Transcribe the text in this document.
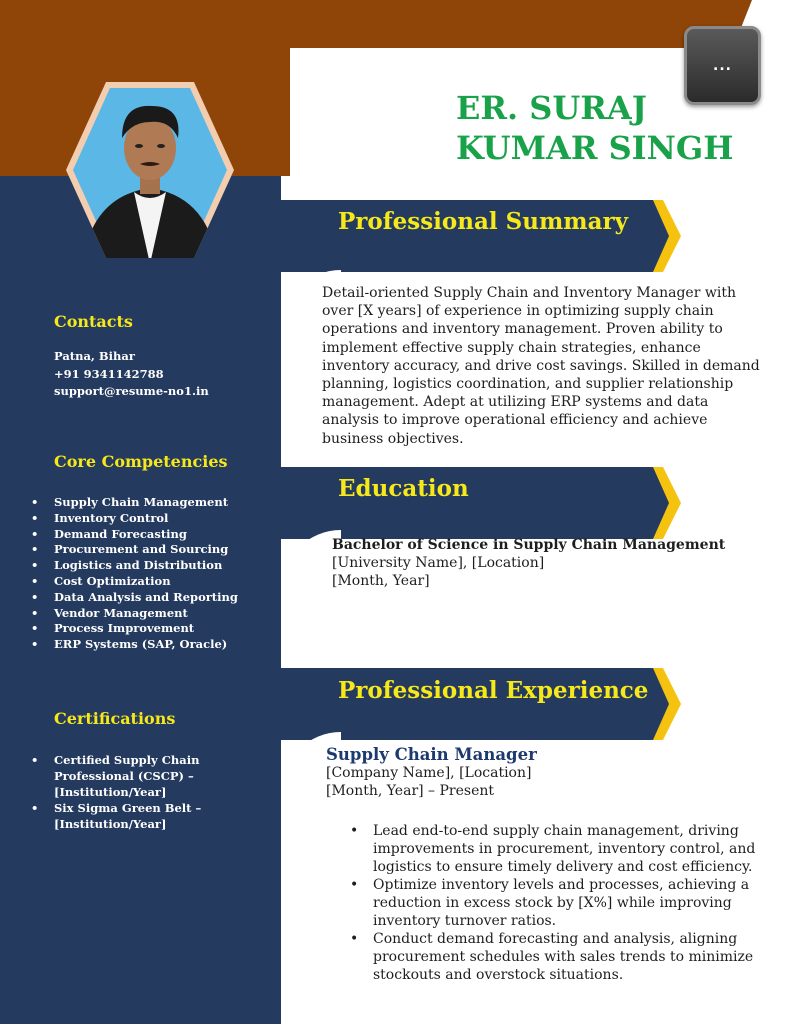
...
ER. SURAJ
KUMAR SINGH
Contacts
Patna, Bihar
+91 9341142788
support@resume-no1.in
Core Competencies
• Supply Chain Management
• Inventory Control
• Demand Forecasting
• Procurement and Sourcing
• Logistics and Distribution
• Cost Optimization
• Data Analysis and Reporting
• Vendor Management
• Process Improvement
• ERP Systems (SAP, Oracle)
Certifications
• Certified Supply Chain Professional (CSCP) – [Institution/Year]
• Six Sigma Green Belt – [Institution/Year]
Professional Summary
Education
Professional Experience
Detail-oriented Supply Chain and Inventory Manager with over [X years] of experience in optimizing supply chain operations and inventory management. Proven ability to implement effective supply chain strategies, enhance inventory accuracy, and drive cost savings. Skilled in demand planning, logistics coordination, and supplier relationship management. Adept at utilizing ERP systems and data analysis to improve operational efficiency and achieve business objectives.
Bachelor of Science in Supply Chain Management
[University Name], [Location]
[Month, Year]
Supply Chain Manager
[Company Name], [Location]
[Month, Year] – Present
• Lead end-to-end supply chain management, driving improvements in procurement, inventory control, and logistics to ensure timely delivery and cost efficiency.
• Optimize inventory levels and processes, achieving a reduction in excess stock by [X%] while improving inventory turnover ratios.
• Conduct demand forecasting and analysis, aligning procurement schedules with sales trends to minimize stockouts and overstock situations.
